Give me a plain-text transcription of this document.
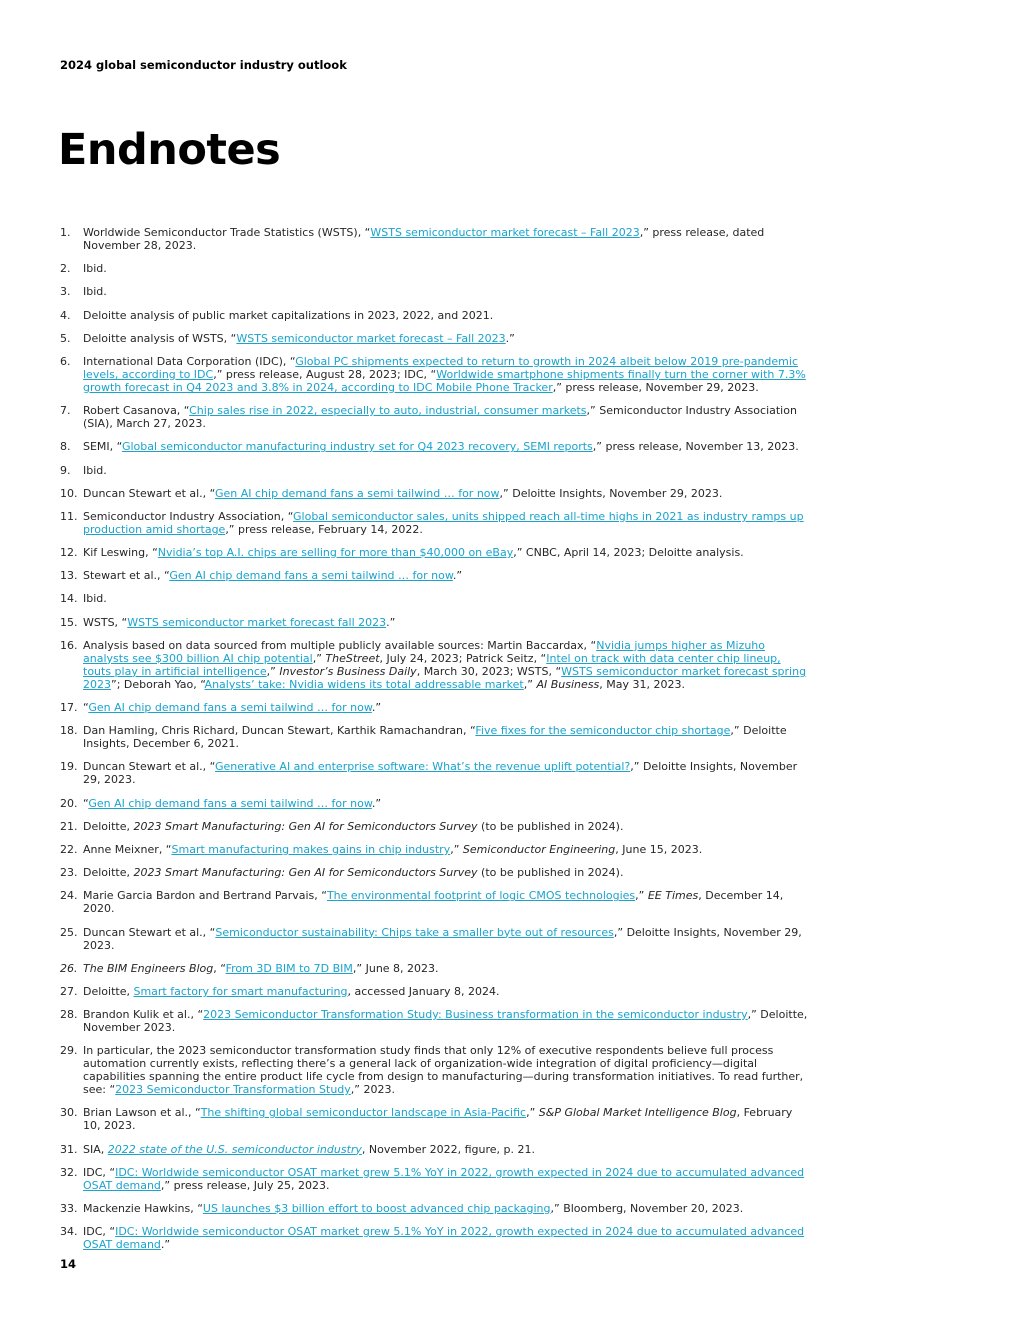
2024 global semiconductor industry outlook
Endnotes
1. Worldwide Semiconductor Trade Statistics (WSTS), “WSTS semiconductor market forecast – Fall 2023,” press release, dated November 28, 2023.
2. Ibid.
3. Ibid.
4. Deloitte analysis of public market capitalizations in 2023, 2022, and 2021.
5. Deloitte analysis of WSTS, “WSTS semiconductor market forecast – Fall 2023.”
6. International Data Corporation (IDC), “Global PC shipments expected to return to growth in 2024 albeit below 2019 pre-pandemic levels, according to IDC,” press release, August 28, 2023; IDC, “Worldwide smartphone shipments finally turn the corner with 7.3% growth forecast in Q4 2023 and 3.8% in 2024, according to IDC Mobile Phone Tracker,” press release, November 29, 2023.
7. Robert Casanova, “Chip sales rise in 2022, especially to auto, industrial, consumer markets,” Semiconductor Industry Association (SIA), March 27, 2023.
8. SEMI, “Global semiconductor manufacturing industry set for Q4 2023 recovery, SEMI reports,” press release, November 13, 2023.
9. Ibid.
10. Duncan Stewart et al., “Gen AI chip demand fans a semi tailwind … for now,” Deloitte Insights, November 29, 2023.
11. Semiconductor Industry Association, “Global semiconductor sales, units shipped reach all-time highs in 2021 as industry ramps up production amid shortage,” press release, February 14, 2022.
12. Kif Leswing, “Nvidia’s top A.I. chips are selling for more than $40,000 on eBay,” CNBC, April 14, 2023; Deloitte analysis.
13. Stewart et al., “Gen AI chip demand fans a semi tailwind … for now.”
14. Ibid.
15. WSTS, “WSTS semiconductor market forecast fall 2023.”
16. Analysis based on data sourced from multiple publicly available sources: Martin Baccardax, “Nvidia jumps higher as Mizuho analysts see $300 billion AI chip potential,” TheStreet, July 24, 2023; Patrick Seitz, “Intel on track with data center chip lineup, touts play in artificial intelligence,” Investor’s Business Daily, March 30, 2023; WSTS, “WSTS semiconductor market forecast spring 2023”; Deborah Yao, “Analysts’ take: Nvidia widens its total addressable market,” AI Business, May 31, 2023.
17. “Gen AI chip demand fans a semi tailwind … for now.”
18. Dan Hamling, Chris Richard, Duncan Stewart, Karthik Ramachandran, “Five fixes for the semiconductor chip shortage,” Deloitte Insights, December 6, 2021.
19. Duncan Stewart et al., “Generative AI and enterprise software: What’s the revenue uplift potential?,” Deloitte Insights, November 29, 2023.
20. “Gen AI chip demand fans a semi tailwind … for now.”
21. Deloitte, 2023 Smart Manufacturing: Gen AI for Semiconductors Survey (to be published in 2024).
22. Anne Meixner, “Smart manufacturing makes gains in chip industry,” Semiconductor Engineering, June 15, 2023.
23. Deloitte, 2023 Smart Manufacturing: Gen AI for Semiconductors Survey (to be published in 2024).
24. Marie Garcia Bardon and Bertrand Parvais, “The environmental footprint of logic CMOS technologies,” EE Times, December 14, 2020.
25. Duncan Stewart et al., “Semiconductor sustainability: Chips take a smaller byte out of resources,” Deloitte Insights, November 29, 2023.
26. The BIM Engineers Blog, “From 3D BIM to 7D BIM,” June 8, 2023.
27. Deloitte, Smart factory for smart manufacturing, accessed January 8, 2024.
28. Brandon Kulik et al., “2023 Semiconductor Transformation Study: Business transformation in the semiconductor industry,” Deloitte, November 2023.
29. In particular, the 2023 semiconductor transformation study finds that only 12% of executive respondents believe full process automation currently exists, reflecting there’s a general lack of organization-wide integration of digital proficiency—digital capabilities spanning the entire product life cycle from design to manufacturing—during transformation initiatives. To read further, see: “2023 Semiconductor Transformation Study,” 2023.
30. Brian Lawson et al., “The shifting global semiconductor landscape in Asia-Pacific,” S&P Global Market Intelligence Blog, February 10, 2023.
31. SIA, 2022 state of the U.S. semiconductor industry, November 2022, figure, p. 21.
32. IDC, “IDC: Worldwide semiconductor OSAT market grew 5.1% YoY in 2022, growth expected in 2024 due to accumulated advanced OSAT demand,” press release, July 25, 2023.
33. Mackenzie Hawkins, “US launches $3 billion effort to boost advanced chip packaging,” Bloomberg, November 20, 2023.
34. IDC, “IDC: Worldwide semiconductor OSAT market grew 5.1% YoY in 2022, growth expected in 2024 due to accumulated advanced OSAT demand.”
14
